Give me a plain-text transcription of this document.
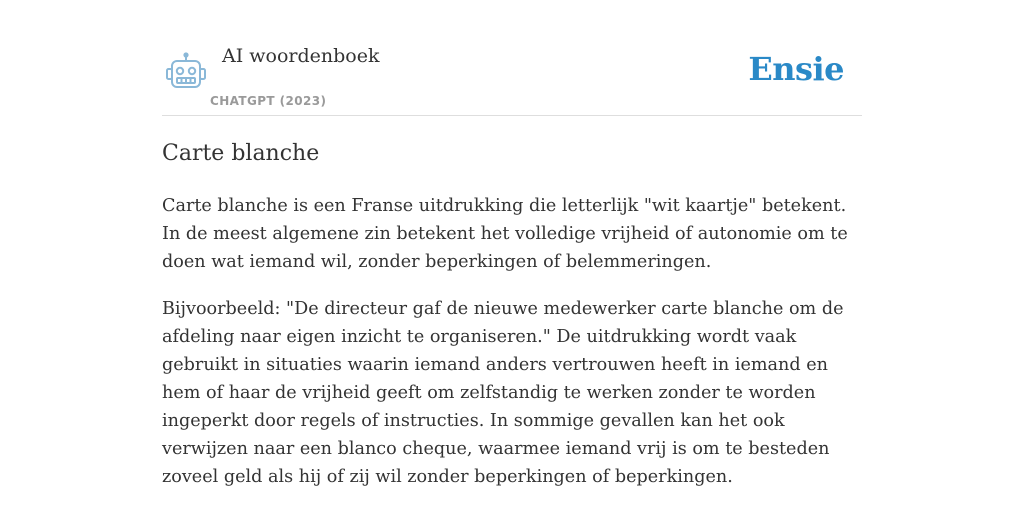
AI woordenboek
CHATGPT (2023)
Ensie
Carte blanche

Carte blanche is een Franse uitdrukking die letterlijk "wit kaartje" betekent. In de meest algemene zin betekent het volledige vrijheid of autonomie om te doen wat iemand wil, zonder beperkingen of belemmeringen.

Bijvoorbeeld: "De directeur gaf de nieuwe medewerker carte blanche om de afdeling naar eigen inzicht te organiseren." De uitdrukking wordt vaak gebruikt in situaties waarin iemand anders vertrouwen heeft in iemand en hem of haar de vrijheid geeft om zelfstandig te werken zonder te worden ingeperkt door regels of instructies. In sommige gevallen kan het ook verwijzen naar een blanco cheque, waarmee iemand vrij is om te besteden zoveel geld als hij of zij wil zonder beperkingen of beperkingen.
